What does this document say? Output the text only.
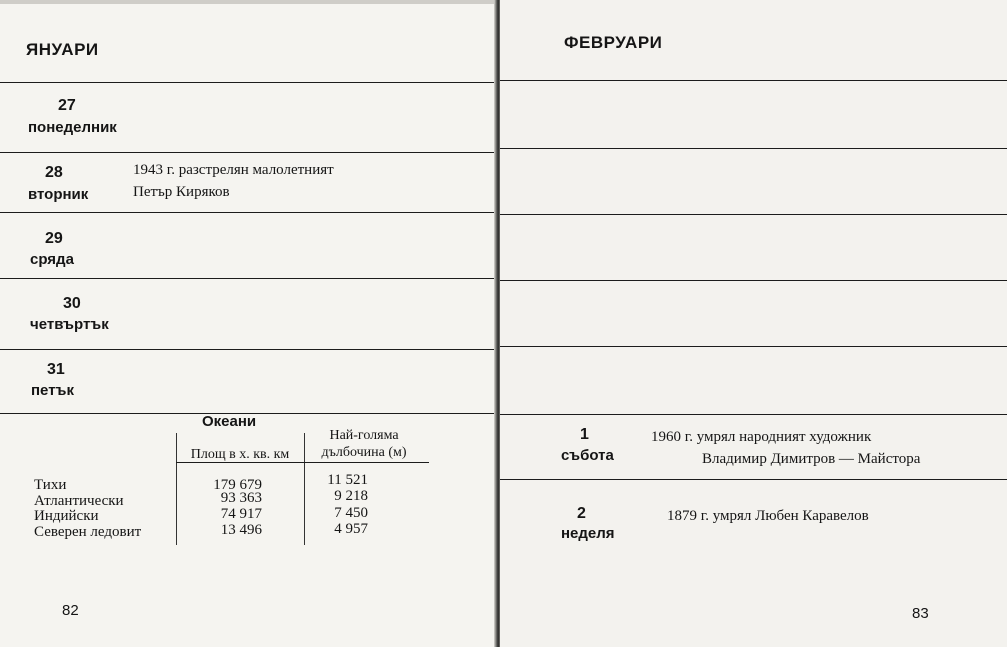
ЯНУАРИ
27
понеделник
28
вторник
1943 г. разстрелян малолетният
Петър Киряков
29
сряда
30
четвъртък
31
петък
Океани
Площ в х. кв. км
Най-голяма
дълбочина (м)
Тихи	179 679	11 521
Атлантически	93 363	9 218
Индийски	74 917	7 450
Северен ледовит	13 496	4 957
82
ФЕВРУАРИ
1
събота
1960 г. умрял народният художник
Владимир Димитров — Майстора
2
неделя
1879 г. умрял Любен Каравелов
83
